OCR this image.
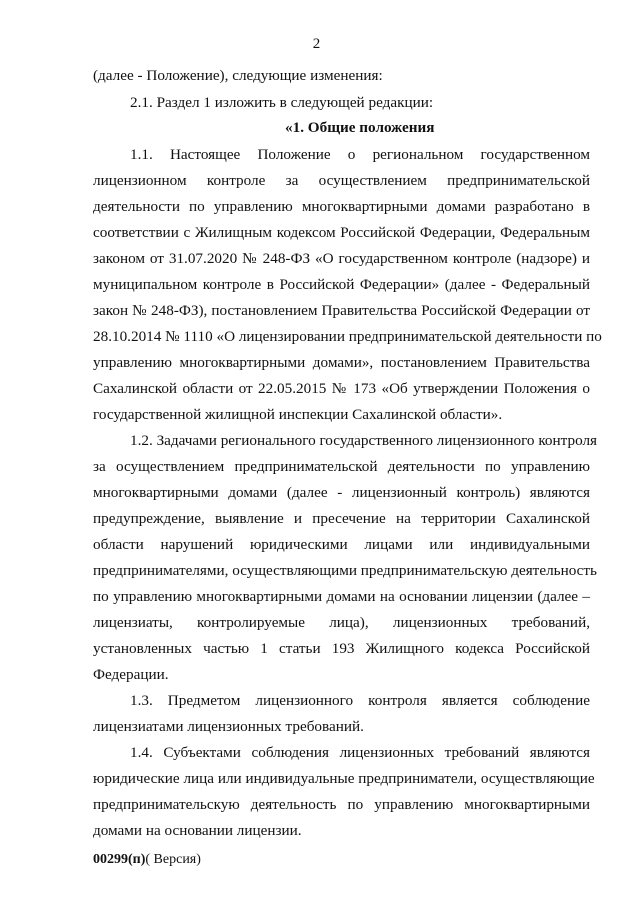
2
(далее - Положение), следующие изменения:
2.1. Раздел 1 изложить в следующей редакции:
«1. Общие положения
1.1. Настоящее Положение о региональном государственном
лицензионном контроле за осуществлением предпринимательской
деятельности по управлению многоквартирными домами разработано в
соответствии с Жилищным кодексом Российской Федерации, Федеральным
законом от 31.07.2020 № 248-ФЗ «О государственном контроле (надзоре) и
муниципальном контроле в Российской Федерации» (далее - Федеральный
закон № 248-ФЗ), постановлением Правительства Российской Федерации от
28.10.2014 № 1110 «О лицензировании предпринимательской деятельности по
управлению многоквартирными домами», постановлением Правительства
Сахалинской области от 22.05.2015 № 173 «Об утверждении Положения о
государственной жилищной инспекции Сахалинской области».
1.2. Задачами регионального государственного лицензионного контроля
за осуществлением предпринимательской деятельности по управлению
многоквартирными домами (далее - лицензионный контроль) являются
предупреждение, выявление и пресечение на территории Сахалинской
области нарушений юридическими лицами или индивидуальными
предпринимателями, осуществляющими предпринимательскую деятельность
по управлению многоквартирными домами на основании лицензии (далее –
лицензиаты, контролируемые лица), лицензионных требований,
установленных частью 1 статьи 193 Жилищного кодекса Российской
Федерации.
1.3. Предметом лицензионного контроля является соблюдение
лицензиатами лицензионных требований.
1.4. Субъектами соблюдения лицензионных требований являются
юридические лица или индивидуальные предприниматели, осуществляющие
предпринимательскую деятельность по управлению многоквартирными
домами на основании лицензии.
00299(п)( Версия)
